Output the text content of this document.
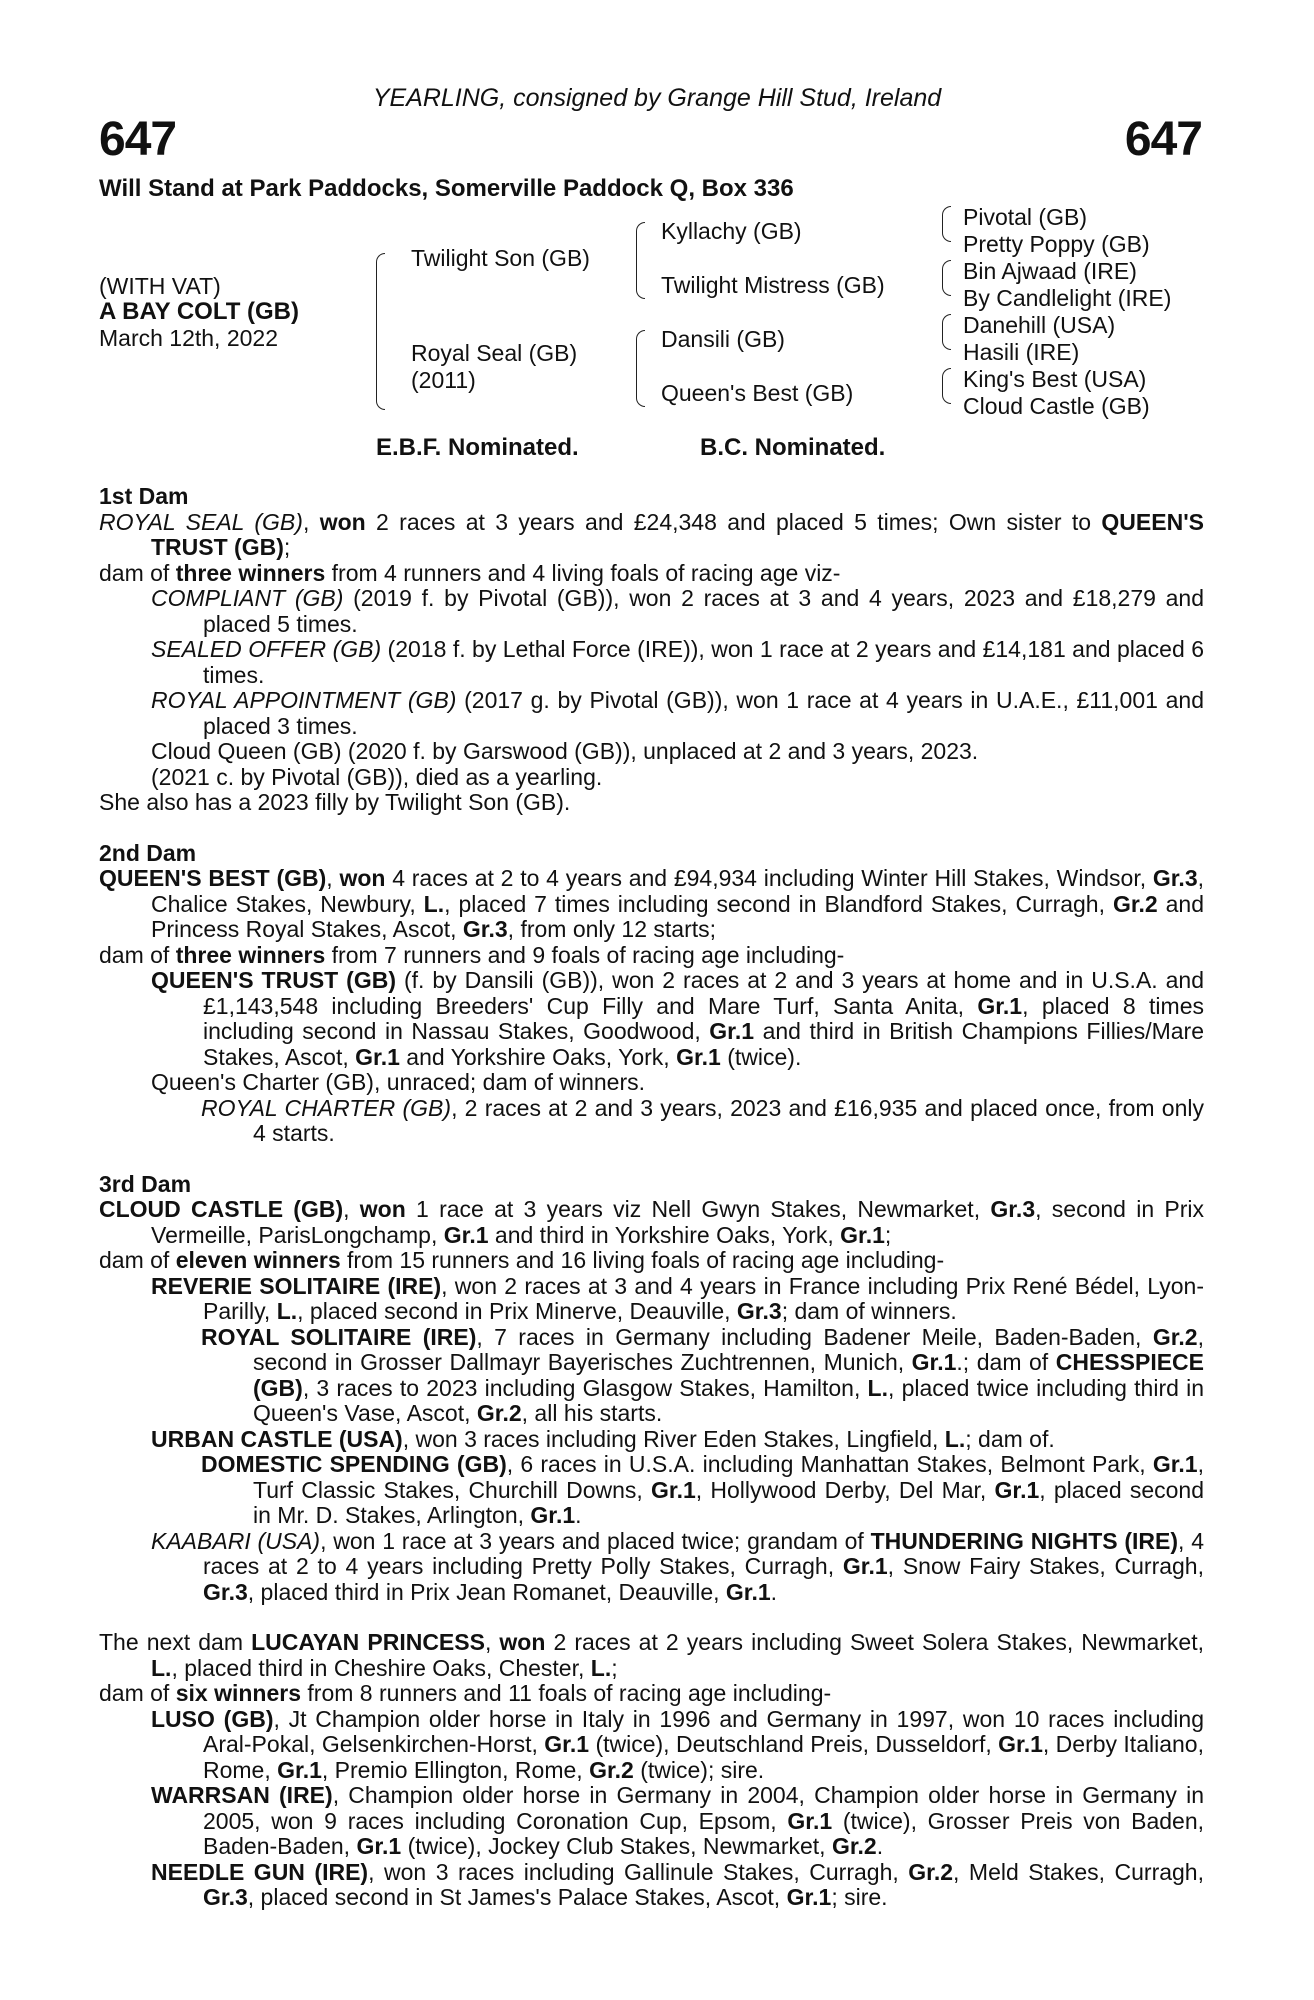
YEARLING, consigned by Grange Hill Stud, Ireland
647	647
Will Stand at Park Paddocks, Somerville Paddock Q, Box 336
(WITH VAT)
A BAY COLT (GB)
March 12th, 2022
Twilight Son (GB)
Royal Seal (GB)
(2011)
Kyllachy (GB)
Twilight Mistress (GB)
Dansili (GB)
Queen's Best (GB)
Pivotal (GB)
Pretty Poppy (GB)
Bin Ajwaad (IRE)
By Candlelight (IRE)
Danehill (USA)
Hasili (IRE)
King's Best (USA)
Cloud Castle (GB)
E.B.F. Nominated.	B.C. Nominated.

1st Dam

ROYAL SEAL (GB), won 2 races at 3 years and £24,348 and placed 5 times; Own sister to QUEEN'S TRUST (GB);

dam of three winners from 4 runners and 4 living foals of racing age viz-

COMPLIANT (GB) (2019 f. by Pivotal (GB)), won 2 races at 3 and 4 years, 2023 and £18,279 and placed 5 times.

SEALED OFFER (GB) (2018 f. by Lethal Force (IRE)), won 1 race at 2 years and £14,181 and placed 6 times.

ROYAL APPOINTMENT (GB) (2017 g. by Pivotal (GB)), won 1 race at 4 years in U.A.E., £11,001 and placed 3 times.

Cloud Queen (GB) (2020 f. by Garswood (GB)), unplaced at 2 and 3 years, 2023.

(2021 c. by Pivotal (GB)), died as a yearling.

She also has a 2023 filly by Twilight Son (GB).

2nd Dam

QUEEN'S BEST (GB), won 4 races at 2 to 4 years and £94,934 including Winter Hill Stakes, Windsor, Gr.3, Chalice Stakes, Newbury, L., placed 7 times including second in Blandford Stakes, Curragh, Gr.2 and Princess Royal Stakes, Ascot, Gr.3, from only 12 starts;

dam of three winners from 7 runners and 9 foals of racing age including-

QUEEN'S TRUST (GB) (f. by Dansili (GB)), won 2 races at 2 and 3 years at home and in U.S.A. and £1,143,548 including Breeders' Cup Filly and Mare Turf, Santa Anita, Gr.1, placed 8 times including second in Nassau Stakes, Goodwood, Gr.1 and third in British Champions Fillies/Mare Stakes, Ascot, Gr.1 and Yorkshire Oaks, York, Gr.1 (twice).

Queen's Charter (GB), unraced; dam of winners.

ROYAL CHARTER (GB), 2 races at 2 and 3 years, 2023 and £16,935 and placed once, from only 4 starts.

3rd Dam

CLOUD CASTLE (GB), won 1 race at 3 years viz Nell Gwyn Stakes, Newmarket, Gr.3, second in Prix Vermeille, ParisLongchamp, Gr.1 and third in Yorkshire Oaks, York, Gr.1;

dam of eleven winners from 15 runners and 16 living foals of racing age including-

REVERIE SOLITAIRE (IRE), won 2 races at 3 and 4 years in France including Prix René Bédel, Lyon-Parilly, L., placed second in Prix Minerve, Deauville, Gr.3; dam of winners.

ROYAL SOLITAIRE (IRE), 7 races in Germany including Badener Meile, Baden-Baden, Gr.2, second in Grosser Dallmayr Bayerisches Zuchtrennen, Munich, Gr.1.; dam of CHESSPIECE (GB), 3 races to 2023 including Glasgow Stakes, Hamilton, L., placed twice including third in Queen's Vase, Ascot, Gr.2, all his starts.

URBAN CASTLE (USA), won 3 races including River Eden Stakes, Lingfield, L.; dam of.

DOMESTIC SPENDING (GB), 6 races in U.S.A. including Manhattan Stakes, Belmont Park, Gr.1, Turf Classic Stakes, Churchill Downs, Gr.1, Hollywood Derby, Del Mar, Gr.1, placed second in Mr. D. Stakes, Arlington, Gr.1.

KAABARI (USA), won 1 race at 3 years and placed twice; grandam of THUNDERING NIGHTS (IRE), 4 races at 2 to 4 years including Pretty Polly Stakes, Curragh, Gr.1, Snow Fairy Stakes, Curragh, Gr.3, placed third in Prix Jean Romanet, Deauville, Gr.1.

The next dam LUCAYAN PRINCESS, won 2 races at 2 years including Sweet Solera Stakes, Newmarket, L., placed third in Cheshire Oaks, Chester, L.;

dam of six winners from 8 runners and 11 foals of racing age including-

LUSO (GB), Jt Champion older horse in Italy in 1996 and Germany in 1997, won 10 races including Aral-Pokal, Gelsenkirchen-Horst, Gr.1 (twice), Deutschland Preis, Dusseldorf, Gr.1, Derby Italiano, Rome, Gr.1, Premio Ellington, Rome, Gr.2 (twice); sire.

WARRSAN (IRE), Champion older horse in Germany in 2004, Champion older horse in Germany in 2005, won 9 races including Coronation Cup, Epsom, Gr.1 (twice), Grosser Preis von Baden, Baden-Baden, Gr.1 (twice), Jockey Club Stakes, Newmarket, Gr.2.

NEEDLE GUN (IRE), won 3 races including Gallinule Stakes, Curragh, Gr.2, Meld Stakes, Curragh, Gr.3, placed second in St James's Palace Stakes, Ascot, Gr.1; sire.
